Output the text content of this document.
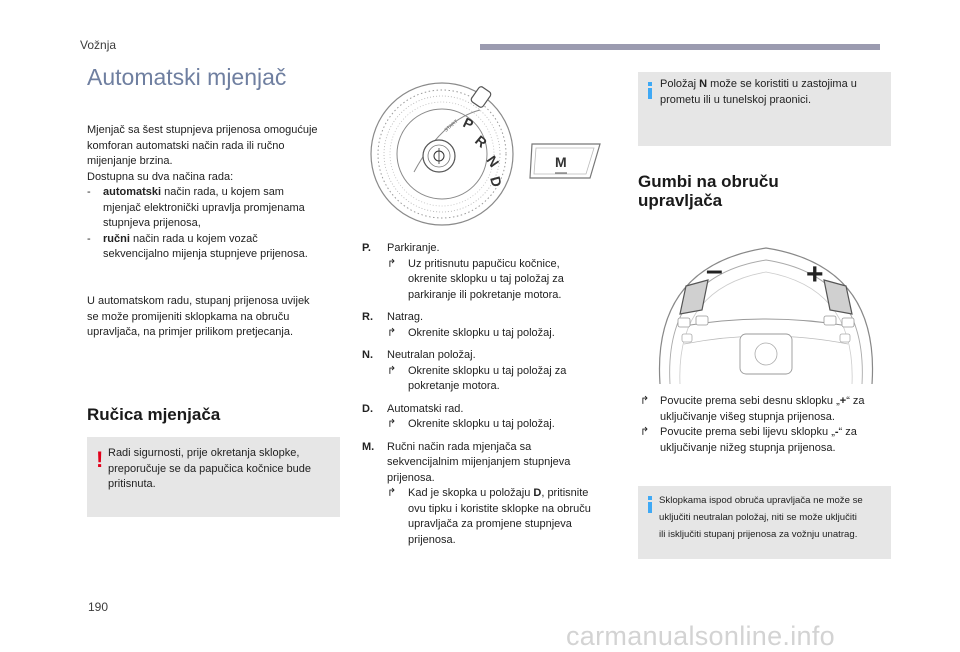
Vožnja
Automatski mjenjač
Mjenjač sa šest stupnjeva prijenosa omogućuje
komforan automatski način rada ili ručno
mijenjanje brzina.
Dostupna su dva načina rada:
-	automatski način rada, u kojem sam
mjenjač elektronički upravlja promjenama
stupnjeva prijenosa,
-	ručni način rada u kojem vozač
sekvencijalno mijenja stupnjeve prijenosa.
U automatskom radu, stupanj prijenosa uvijek
se može promijeniti sklopkama na obruču
upravljača, na primjer prilikom pretjecanja.
Ručica mjenjača
! Radi sigurnosti, prije okretanja sklopke,
preporučuje se da papučica kočnice bude
pritisnuta.
P
R
N
D
START
M
P.	Parkiranje.
↱	Uz pritisnutu papučicu kočnice,
okrenite sklopku u taj položaj za
parkiranje ili pokretanje motora.
R.	Natrag.
↱	Okrenite sklopku u taj položaj.
N.	Neutralan položaj.
↱	Okrenite sklopku u taj položaj za
pokretanje motora.
D.	Automatski rad.
↱	Okrenite sklopku u taj položaj.
M.	Ručni način rada mjenjača sa
sekvencijalnim mijenjanjem stupnjeva
prijenosa.
↱	Kad je skopka u položaju D, pritisnite
ovu tipku i koristite sklopke na obruču
upravljača za promjene stupnjeva
prijenosa.
Položaj N može se koristiti u zastojima u
prometu ili u tunelskoj praonici.
Gumbi na obruču
upravljača
–	+
↱ Povucite prema sebi desnu sklopku „+“ za
uključivanje višeg stupnja prijenosa.
↱ Povucite prema sebi lijevu sklopku „-“ za
uključivanje nižeg stupnja prijenosa.
Sklopkama ispod obruča upravljača ne može se
uključiti neutralan položaj, niti se može uključiti
ili isključiti stupanj prijenosa za vožnju unatrag.
190
carmanualsonline.info
